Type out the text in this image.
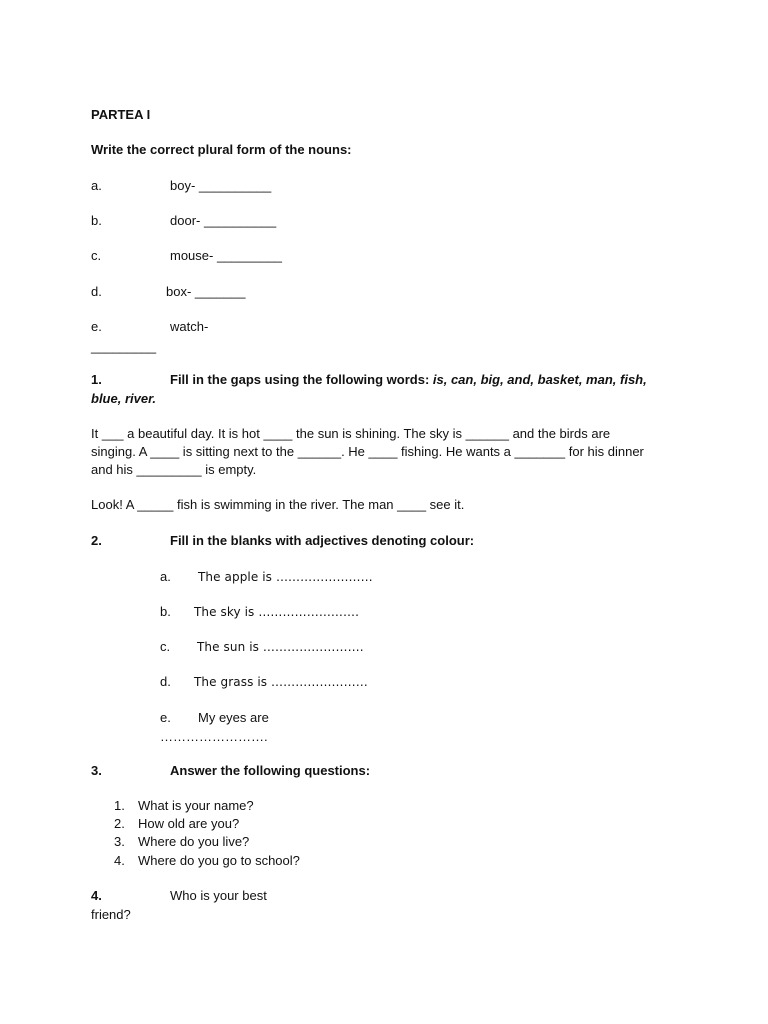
PARTEA I
Write the correct plural form of the nouns:
a.	boy- __________
b.	door- __________
c.	mouse- _________
d.	box- _______
e.	watch-
_________
1.	Fill in the gaps using the following words: is, can, big, and, basket, man, fish,
blue, river.
It ___ a beautiful day. It is hot ____ the sun is shining. The sky is ______ and the birds are
singing. A ____ is sitting next to the ______. He ____ fishing. He wants a _______ for his dinner
and his _________ is empty.
Look! A _____ fish is swimming in the river. The man ____ see it.
2.	Fill in the blanks with adjectives denoting colour:
a. The apple is ……………………
b. The sky is …………………….
c. The sun is …………………….
d. The grass is ……………………
e. My eyes are
…………………….
3.	Answer the following questions:
1. What is your name?
2. How old are you?
3. Where do you live?
4. Where do you go to school?
4.	Who is your best
friend?
